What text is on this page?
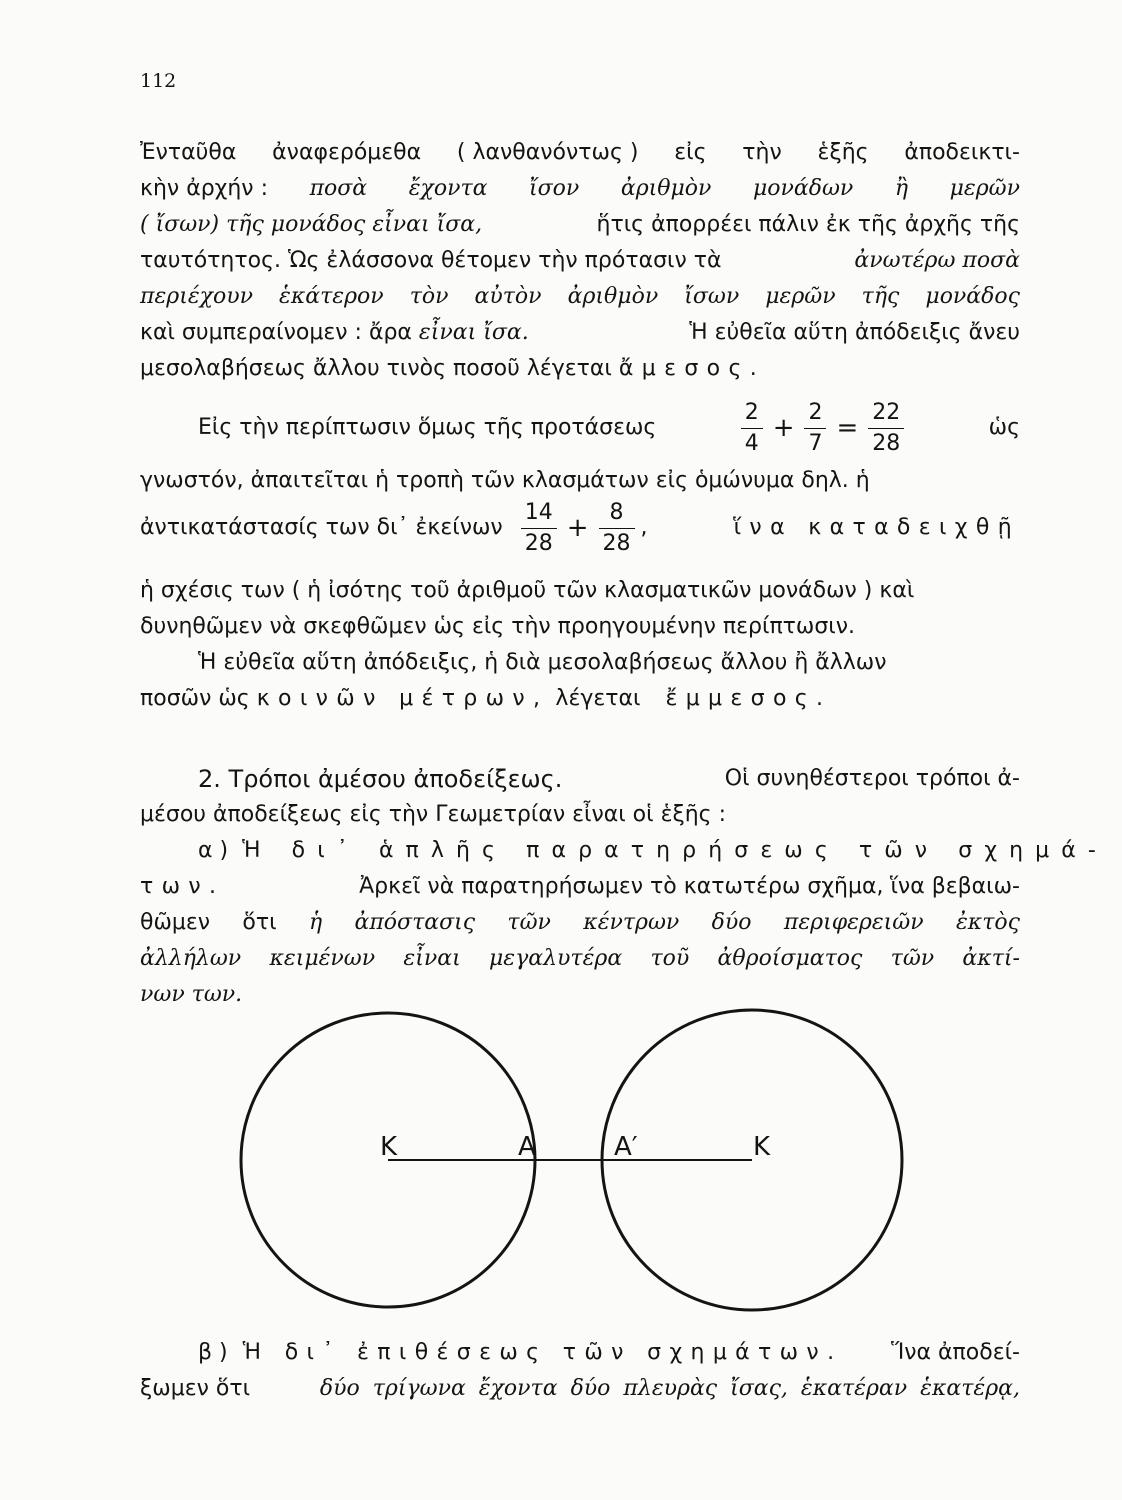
112
Ἐνταῦθα ἀναφερόμεθα ( λανθανόντως ) εἰς τὴν ἑξῆς ἀποδεικτι-
κὴν ἀρχήν : ποσὰ ἔχοντα ἴσον ἀριθμὸν μονάδων ἢ μερῶν
( ἴσων) τῆς μονάδος εἶναι ἴσα,	ἥτις ἀπορρέει πάλιν ἐκ τῆς ἀρχῆς τῆς
ταυτότητος. Ὡς ἐλάσσονα θέτομεν τὴν πρότασιν τὰ	ἀνωτέρω ποσὰ
περιέχουν ἑκάτερον τὸν αὐτὸν ἀριθμὸν ἴσων μερῶν τῆς μονάδος
καὶ συμπεραίνομεν : ἄρα εἶναι ἴσα.	Ἡ εὐθεῖα αὕτη ἀπόδειξις ἄνευ
μεσολαβήσεως ἄλλου τινὸς ποσοῦ λέγεται ἄμεσος.
Εἰς τὴν περίπτωσιν ὅμως τῆς προτάσεως	$\frac{2}{4} + \frac{2}{7} = \frac{22}{28}$	ὡς
γνωστόν, ἀπαιτεῖται ἡ τροπὴ τῶν κλασμάτων εἰς ὁμώνυμα δηλ. ἡ
ἀντικατάστασίς των δι᾽ ἐκείνων $\frac{14}{28} + \frac{8}{28}$ ,	ἵνα καταδειχθῇ
ἡ σχέσις των ( ἡ ἰσότης τοῦ ἀριθμοῦ τῶν κλασματικῶν μονάδων ) καὶ
δυνηθῶμεν νὰ σκεφθῶμεν ὡς εἰς τὴν προηγουμένην περίπτωσιν.
Ἡ εὐθεῖα αὕτη ἀπόδειξις, ἡ διὰ μεσολαβήσεως ἄλλου ἢ ἄλλων
ποσῶν ὡς κοινῶν μέτρων, λέγεται ἔμμεσος.
2. Τρόποι ἀμέσου ἀποδείξεως.	Οἱ συνηθέστεροι τρόποι ἀ-
μέσου ἀποδείξεως εἰς τὴν Γεωμετρίαν εἶναι οἱ ἑξῆς :
α ) Ἡ δι᾽ ἁπλῆς παρατηρήσεως τῶν σχημά-
των.	Ἀρκεῖ νὰ παρατηρήσωμεν τὸ κατωτέρω σχῆμα, ἵνα βεβαιω-
θῶμεν ὅτι ἡ ἀπόστασις τῶν κέντρων δύο περιφερειῶν ἐκτὸς
ἀλλήλων κειμένων εἶναι μεγαλυτέρα τοῦ ἀθροίσματος τῶν ἀκτί-
νων των.
K	A	A′	K
β ) Ἡ δι᾽ ἐπιθέσεως τῶν σχημάτων. Ἵνα ἀποδεί-
ξωμεν ὅτι	δύο τρίγωνα ἔχοντα δύο πλευρὰς ἴσας, ἑκατέραν ἑκατέρᾳ,
